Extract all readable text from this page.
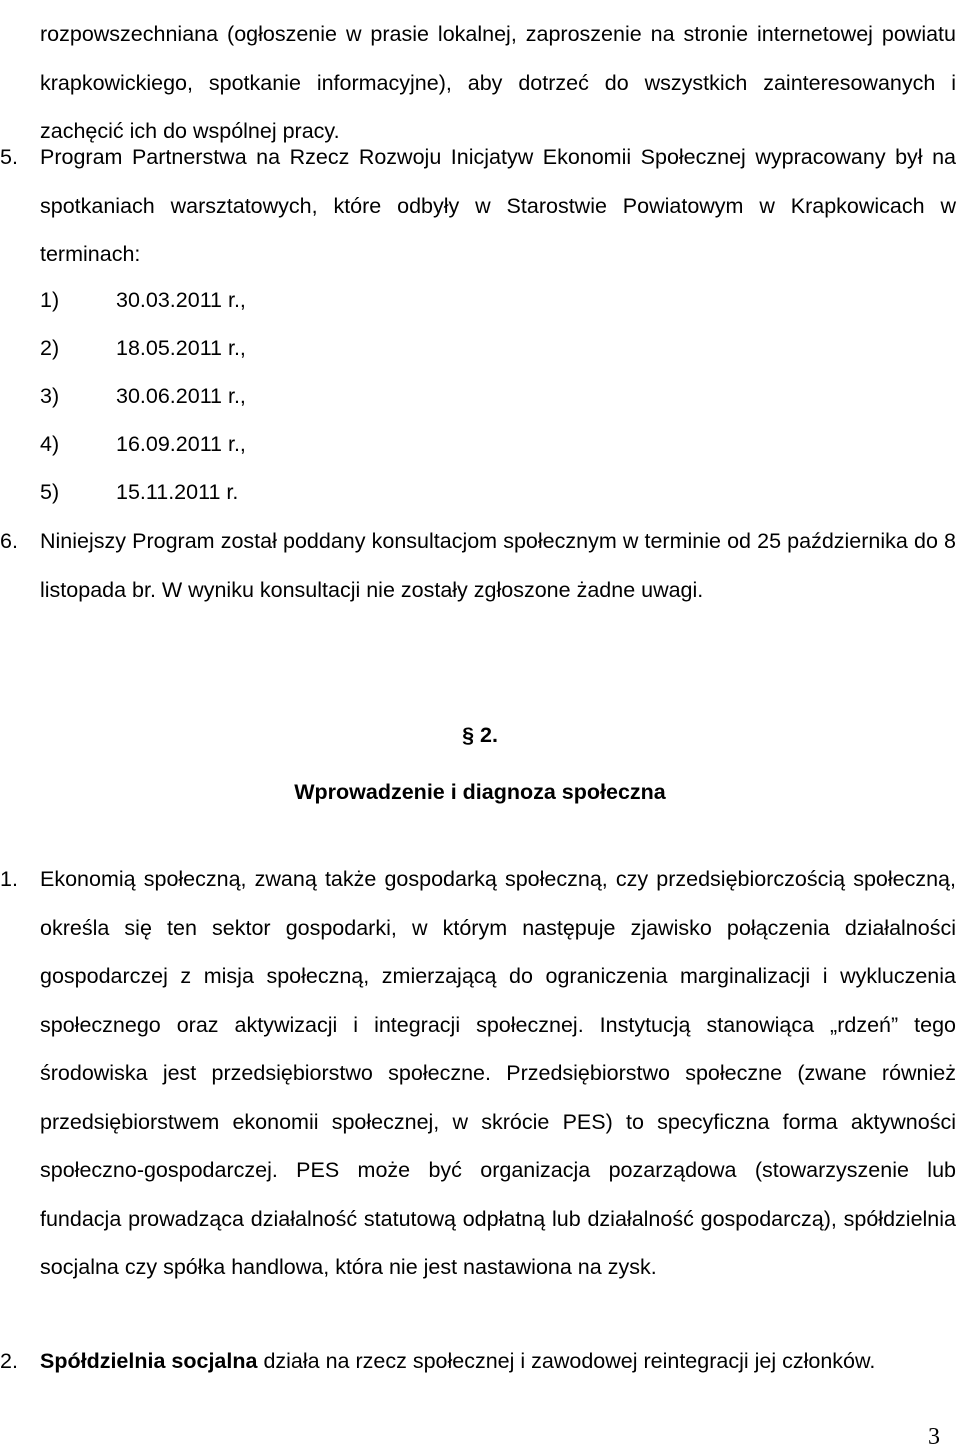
rozpowszechniana (ogłoszenie w prasie lokalnej, zaproszenie na stronie internetowej powiatu krapkowickiego, spotkanie informacyjne), aby dotrzeć do wszystkich zainteresowanych i zachęcić ich do wspólnej pracy.
5. Program Partnerstwa na Rzecz Rozwoju Inicjatyw Ekonomii Społecznej wypracowany był na spotkaniach warsztatowych, które odbyły w Starostwie Powiatowym w Krapkowicach w terminach:
1)	30.03.2011 r.,
2)	18.05.2011 r.,
3)	30.06.2011 r.,
4)	16.09.2011 r.,
5)	15.11.2011 r.
6. Niniejszy Program został poddany konsultacjom społecznym w terminie od 25 października do 8 listopada br. W wyniku konsultacji nie zostały zgłoszone żadne uwagi.
§ 2.
Wprowadzenie i diagnoza społeczna
1. Ekonomią społeczną, zwaną także gospodarką społeczną, czy przedsiębiorczością społeczną, określa się ten sektor gospodarki, w którym następuje zjawisko połączenia działalności gospodarczej z misja społeczną, zmierzającą do ograniczenia marginalizacji i wykluczenia społecznego oraz aktywizacji i integracji społecznej. Instytucją stanowiąca „rdzeń” tego środowiska jest przedsiębiorstwo społeczne. Przedsiębiorstwo społeczne (zwane również przedsiębiorstwem ekonomii społecznej, w skrócie PES) to specyficzna forma aktywności społeczno-gospodarczej. PES może być organizacja pozarządowa (stowarzyszenie lub fundacja prowadząca działalność statutową odpłatną lub działalność gospodarczą), spółdzielnia socjalna czy spółka handlowa, która nie jest nastawiona na zysk.
2. Spółdzielnia socjalna działa na rzecz społecznej i zawodowej reintegracji jej członków.
3
